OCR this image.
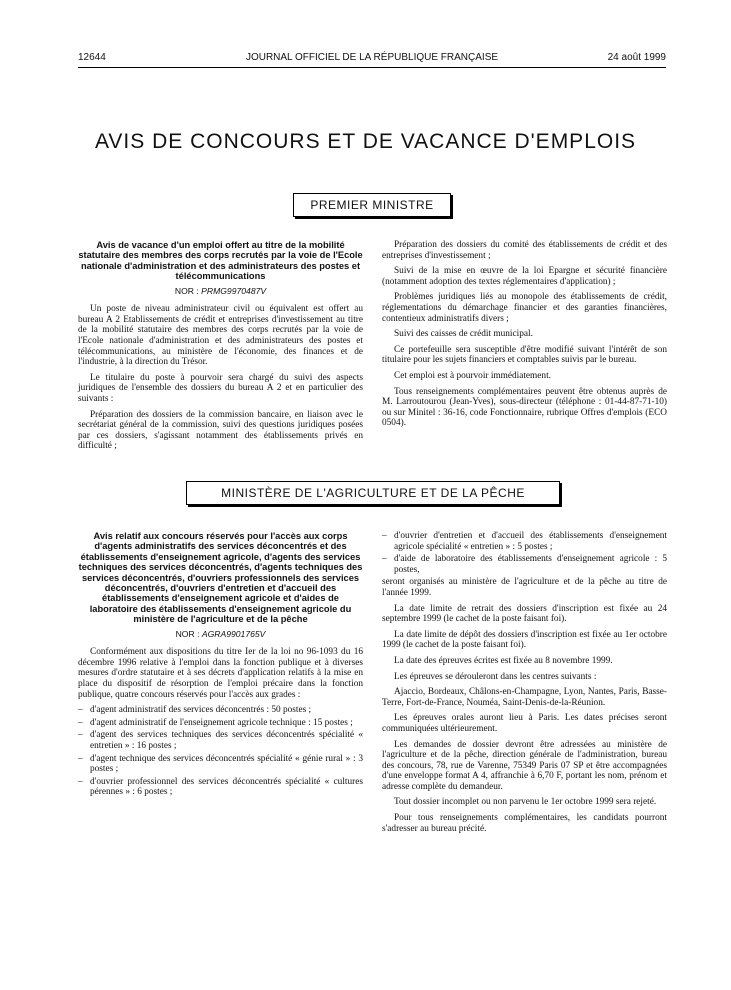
12644	JOURNAL OFFICIEL DE LA RÉPUBLIQUE FRANÇAISE	24 août 1999
AVIS DE CONCOURS ET DE VACANCE D'EMPLOIS
PREMIER MINISTRE
Avis de vacance d'un emploi offert au titre de la mobilité statutaire des membres des corps recrutés par la voie de l'Ecole nationale d'administration et des administrateurs des postes et télécommunications
NOR : PRMG9970487V

Un poste de niveau administrateur civil ou équivalent est offert au bureau A 2 Etablissements de crédit et entreprises d'investissement au titre de la mobilité statutaire des membres des corps recrutés par la voie de l'Ecole nationale d'administration et des administrateurs des postes et télécommunications, au ministère de l'économie, des finances et de l'industrie, à la direction du Trésor.

Le titulaire du poste à pourvoir sera chargé du suivi des aspects juridiques de l'ensemble des dossiers du bureau A 2 et en particulier des suivants :

Préparation des dossiers de la commission bancaire, en liaison avec le secrétariat général de la commission, suivi des questions juridiques posées par ces dossiers, s'agissant notamment des établissements privés en difficulté ;

Préparation des dossiers du comité des établissements de crédit et des entreprises d'investissement ;

Suivi de la mise en œuvre de la loi Epargne et sécurité financière (notamment adoption des textes réglementaires d'application) ;

Problèmes juridiques liés au monopole des établissements de crédit, réglementations du démarchage financier et des garanties financières, contentieux administratifs divers ;

Suivi des caisses de crédit municipal.

Ce portefeuille sera susceptible d'être modifié suivant l'intérêt de son titulaire pour les sujets financiers et comptables suivis par le bureau.

Cet emploi est à pourvoir immédiatement.

Tous renseignements complémentaires peuvent être obtenus auprès de M. Larroutourou (Jean-Yves), sous-directeur (téléphone : 01-44-87-71-10) ou sur Minitel : 36-16, code Fonctionnaire, rubrique Offres d'emplois (ECO 0504).

MINISTÈRE DE L'AGRICULTURE ET DE LA PÊCHE
Avis relatif aux concours réservés pour l'accès aux corps d'agents administratifs des services déconcentrés et des établissements d'enseignement agricole, d'agents des services techniques des services déconcentrés, d'agents techniques des services déconcentrés, d'ouvriers professionnels des services déconcentrés, d'ouvriers d'entretien et d'accueil des établissements d'enseignement agricole et d'aides de laboratoire des établissements d'enseignement agricole du ministère de l'agriculture et de la pêche
NOR : AGRA9901765V

Conformément aux dispositions du titre Ier de la loi no 96-1093 du 16 décembre 1996 relative à l'emploi dans la fonction publique et à diverses mesures d'ordre statutaire et à ses décrets d'application relatifs à la mise en place du dispositif de résorption de l'emploi précaire dans la fonction publique, quatre concours réservés pour l'accès aux grades :

– d'agent administratif des services déconcentrés : 50 postes ;
– d'agent administratif de l'enseignement agricole technique : 15 postes ;
– d'agent des services techniques des services déconcentrés spécialité « entretien » : 16 postes ;
– d'agent technique des services déconcentrés spécialité « génie rural » : 3 postes ;
– d'ouvrier professionnel des services déconcentrés spécialité « cultures pérennes » : 6 postes ;
– d'ouvrier d'entretien et d'accueil des établissements d'enseignement agricole spécialité « entretien » : 5 postes ;
– d'aide de laboratoire des établissements d'enseignement agricole : 5 postes,

seront organisés au ministère de l'agriculture et de la pêche au titre de l'année 1999.

La date limite de retrait des dossiers d'inscription est fixée au 24 septembre 1999 (le cachet de la poste faisant foi).

La date limite de dépôt des dossiers d'inscription est fixée au 1er octobre 1999 (le cachet de la poste faisant foi).

La date des épreuves écrites est fixée au 8 novembre 1999.

Les épreuves se dérouleront dans les centres suivants :

Ajaccio, Bordeaux, Châlons-en-Champagne, Lyon, Nantes, Paris, Basse-Terre, Fort-de-France, Nouméa, Saint-Denis-de-la-Réunion.

Les épreuves orales auront lieu à Paris. Les dates précises seront communiquées ultérieurement.

Les demandes de dossier devront être adressées au ministère de l'agriculture et de la pêche, direction générale de l'administration, bureau des concours, 78, rue de Varenne, 75349 Paris 07 SP et être accompagnées d'une enveloppe format A 4, affranchie à 6,70 F, portant les nom, prénom et adresse complète du demandeur.

Tout dossier incomplet ou non parvenu le 1er octobre 1999 sera rejeté.

Pour tous renseignements complémentaires, les candidats pourront s'adresser au bureau précité.
